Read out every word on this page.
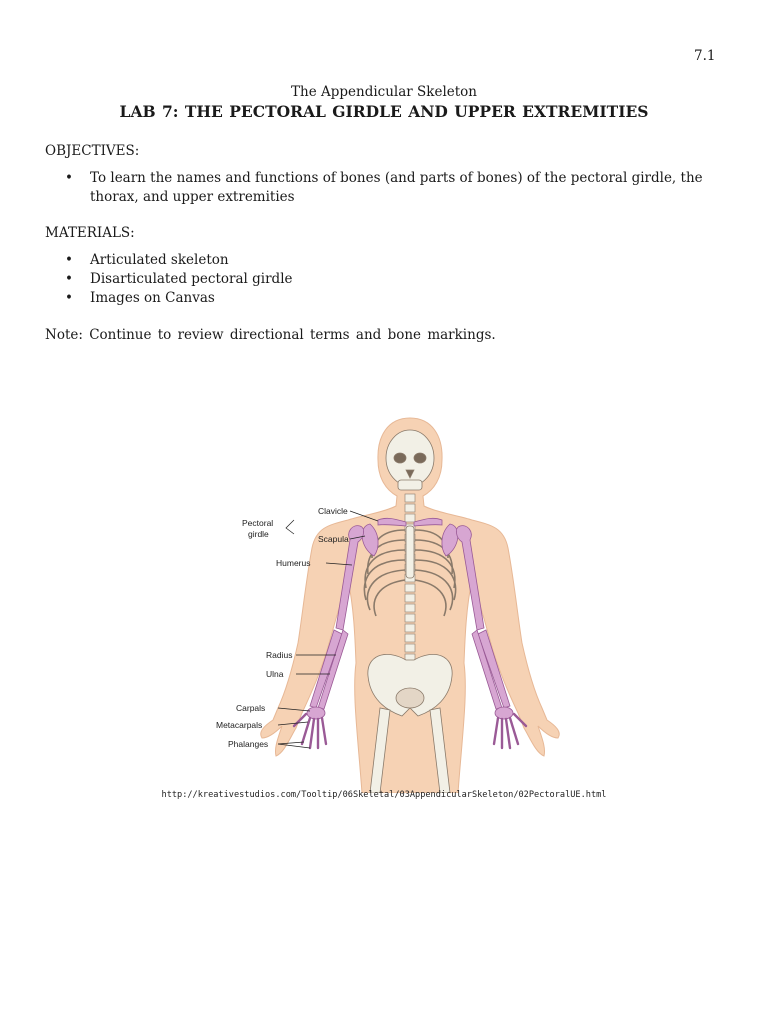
7.1
The Appendicular Skeleton
LAB 7: THE PECTORAL GIRDLE AND UPPER EXTREMITIES
OBJECTIVES:
• To learn the names and functions of bones (and parts of bones) of the pectoral girdle, the thorax, and upper extremities
MATERIALS:
• Articulated skeleton
• Disarticulated pectoral girdle
• Images on Canvas
Note: Continue to review directional terms and bone markings.
Clavicle
Scapula
Pectoral
girdle
Humerus
Radius
Ulna
Carpals
Metacarpals
Phalanges
http://kreativestudios.com/Tooltip/06Skeletal/03AppendicularSkeleton/02PectoralUE.html
